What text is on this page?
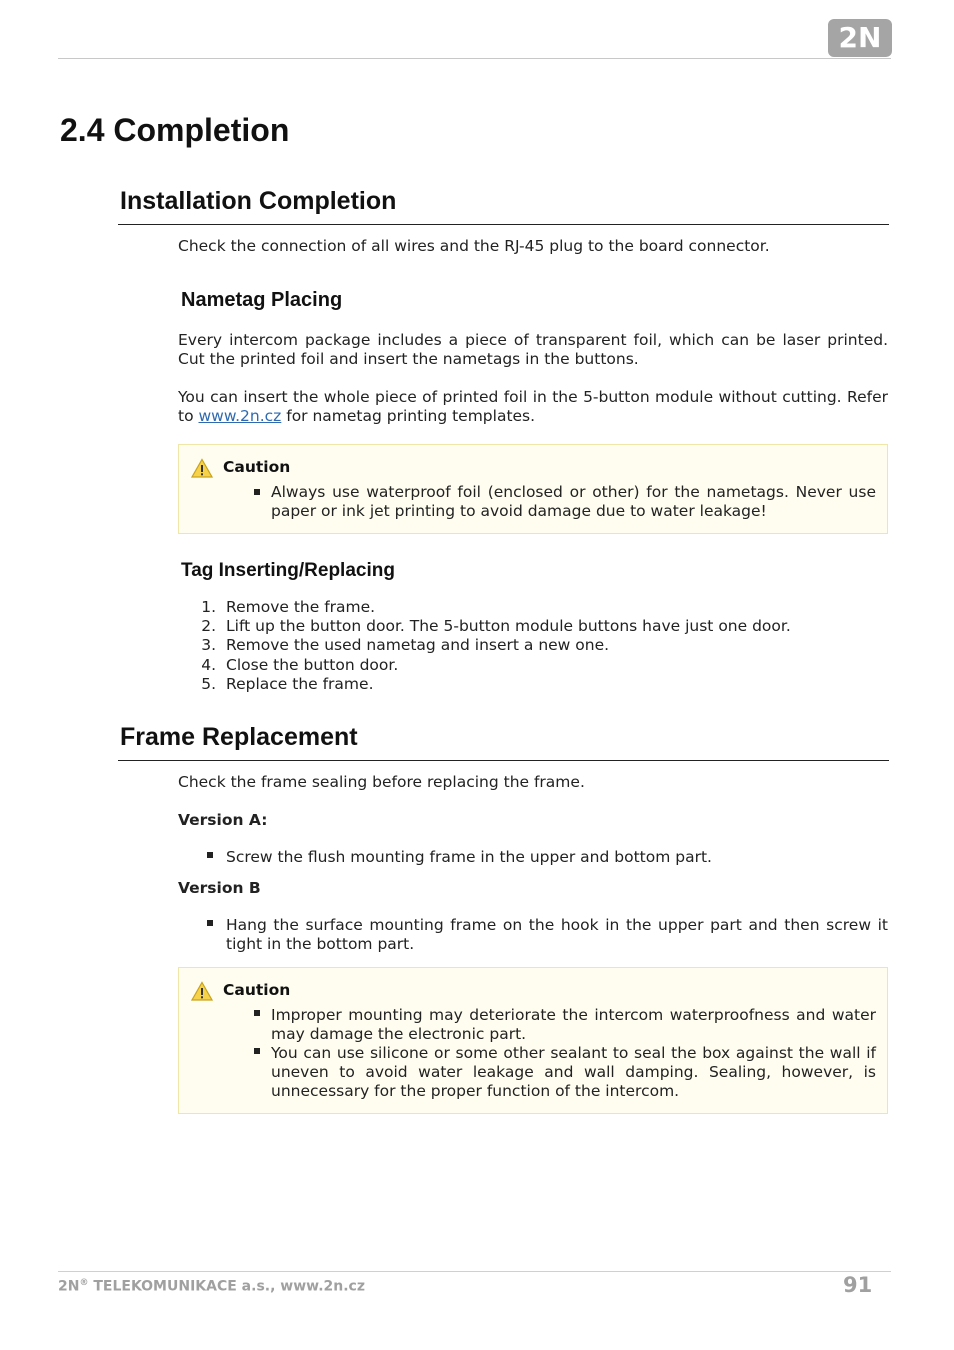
2N
2.4 Completion
Installation Completion

Check the connection of all wires and the RJ-45 plug to the board connector.

Nametag Placing

Every intercom package includes a piece of transparent foil, which can be laser printed. Cut the printed foil and insert the nametags in the buttons.

You can insert the whole piece of printed foil in the 5-button module without cutting. Refer to www.2n.cz for nametag printing templates.

Caution
Always use waterproof foil (enclosed or other) for the nametags. Never use paper or ink jet printing to avoid damage due to water leakage!
Tag Inserting/Replacing
1. Remove the frame.
2. Lift up the button door. The 5-button module buttons have just one door.
3. Remove the used nametag and insert a new one.
4. Close the button door.
5. Replace the frame.
Frame Replacement

Check the frame sealing before replacing the frame.

Version A:

Screw the flush mounting frame in the upper and bottom part.

Version B

Hang the surface mounting frame on the hook in the upper part and then screw it tight in the bottom part.
Caution
Improper mounting may deteriorate the intercom waterproofness and water may damage the electronic part.
You can use silicone or some other sealant to seal the box against the wall if uneven to avoid water leakage and wall damping. Sealing, however, is unnecessary for the proper function of the intercom.
2N® TELEKOMUNIKACE a.s., www.2n.cz	91
